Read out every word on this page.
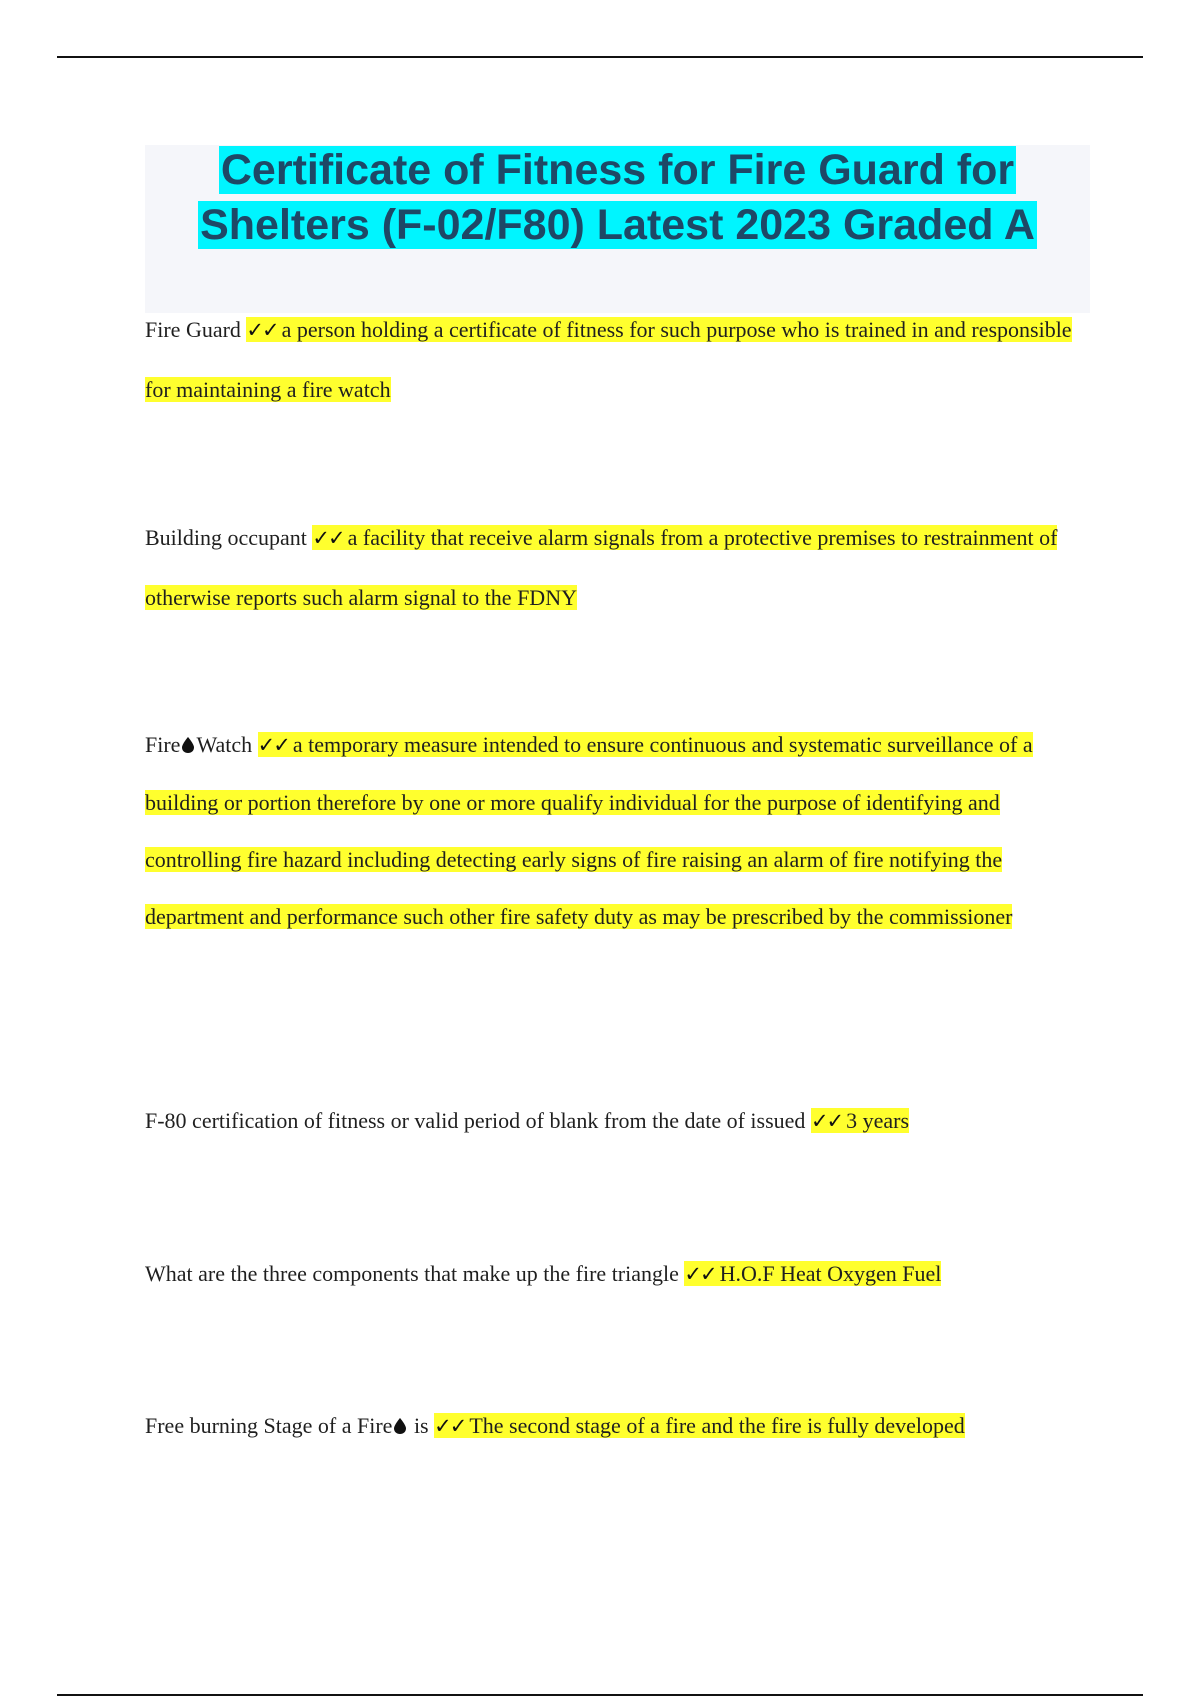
Certificate of Fitness for Fire Guard for
Shelters (F-02/F80) Latest 2023 Graded A

Fire Guard ✓✓ a person holding a certificate of fitness for such purpose who is trained in and responsible for maintaining a fire watch

Building occupant ✓✓ a facility that receive alarm signals from a protective premises to restrainment of otherwise reports such alarm signal to the FDNY

Fire Watch ✓✓ a temporary measure intended to ensure continuous and systematic surveillance of a building or portion therefore by one or more qualify individual for the purpose of identifying and controlling fire hazard including detecting early signs of fire raising an alarm of fire notifying the department and performance such other fire safety duty as may be prescribed by the commissioner

F-80 certification of fitness or valid period of blank from the date of issued ✓✓ 3 years

What are the three components that make up the fire triangle ✓✓ H.O.F Heat Oxygen Fuel

Free burning Stage of a Fire is ✓✓ The second stage of a fire and the fire is fully developed
